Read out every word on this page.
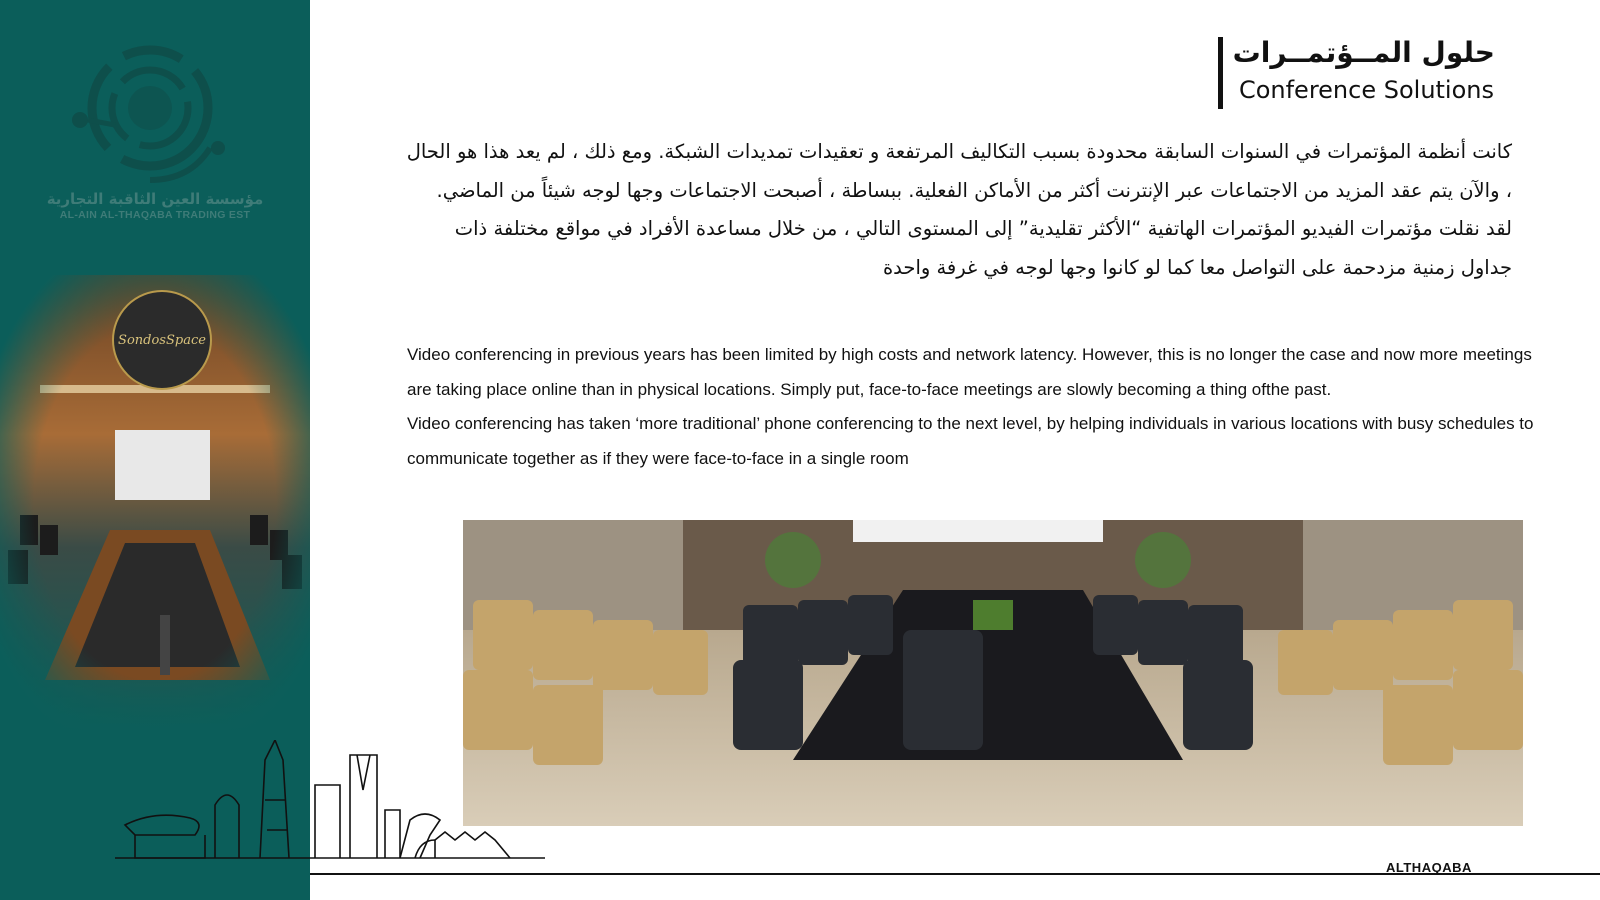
مؤسسة العين الثاقبة التجارية
AL-AIN AL-THAQABA TRADING EST
SondosSpace
حلول المــؤتمــرات
Conference Solutions

كانت أنظمة المؤتمرات في السنوات السابقة محدودة بسبب التكاليف المرتفعة و تعقيدات تمديدات الشبكة. ومع ذلك ، لم يعد هذا هو الحال ، والآن يتم عقد المزيد من الاجتماعات عبر الإنترنت أكثر من الأماكن الفعلية. ببساطة ، أصبحت الاجتماعات وجها لوجه شيئاً من الماضي.

لقد نقلت مؤتمرات الفيديو المؤتمرات الهاتفية “الأكثر تقليدية” إلى المستوى التالي ، من خلال مساعدة الأفراد في مواقع مختلفة ذات جداول زمنية مزدحمة على التواصل معا كما لو كانوا وجها لوجه في غرفة واحدة

Video conferencing in previous years has been limited by high costs and network latency. However, this is no longer the case and now more meetings are taking place online than in physical locations. Simply put, face-to-face meetings are slowly becoming a thing ofthe past.

Video conferencing has taken ‘more traditional’ phone conferencing to the next level, by helping individuals in various locations with busy schedules to communicate together as if they were face-to-face in a single room

ALTHAQABA
